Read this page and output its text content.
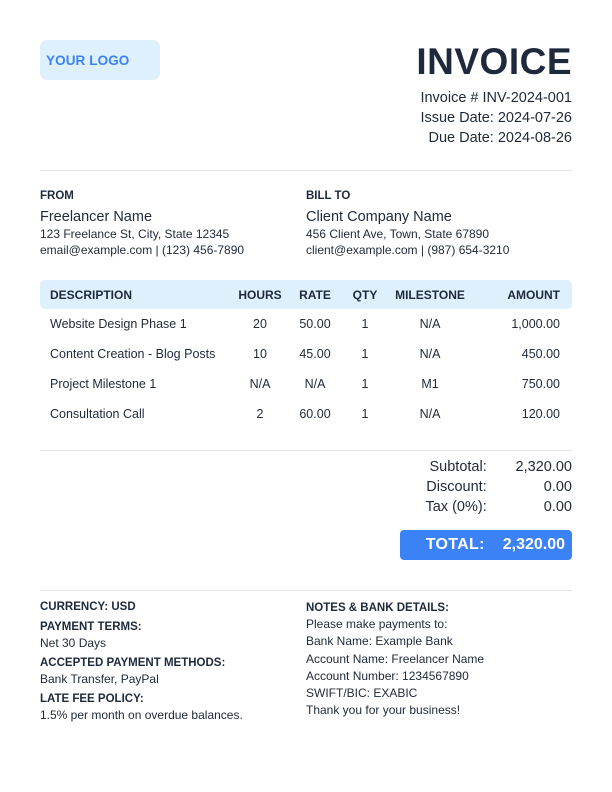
YOUR LOGO	INVOICE
Invoice # INV-2024-001
Issue Date: 2024-07-26
Due Date: 2024-08-26
FROM
Freelancer Name
123 Freelance St, City, State 12345
email@example.com | (123) 456-7890
BILL TO
Client Company Name
456 Client Ave, Town, State 67890
client@example.com | (987) 654-3210
DESCRIPTION	HOURS	RATE	QTY	MILESTONE	AMOUNT
Website Design Phase 1	20	50.00	1	N/A	1,000.00
Content Creation - Blog Posts	10	45.00	1	N/A	450.00
Project Milestone 1	N/A	N/A	1	M1	750.00
Consultation Call	2	60.00	1	N/A	120.00
Subtotal:	2,320.00
Discount:	0.00
Tax (0%):	0.00
TOTAL: 2,320.00
CURRENCY: USD
PAYMENT TERMS:
Net 30 Days
ACCEPTED PAYMENT METHODS:
Bank Transfer, PayPal
LATE FEE POLICY:
1.5% per month on overdue balances.
NOTES & BANK DETAILS:
Please make payments to:
Bank Name: Example Bank
Account Name: Freelancer Name
Account Number: 1234567890
SWIFT/BIC: EXABIC
Thank you for your business!
